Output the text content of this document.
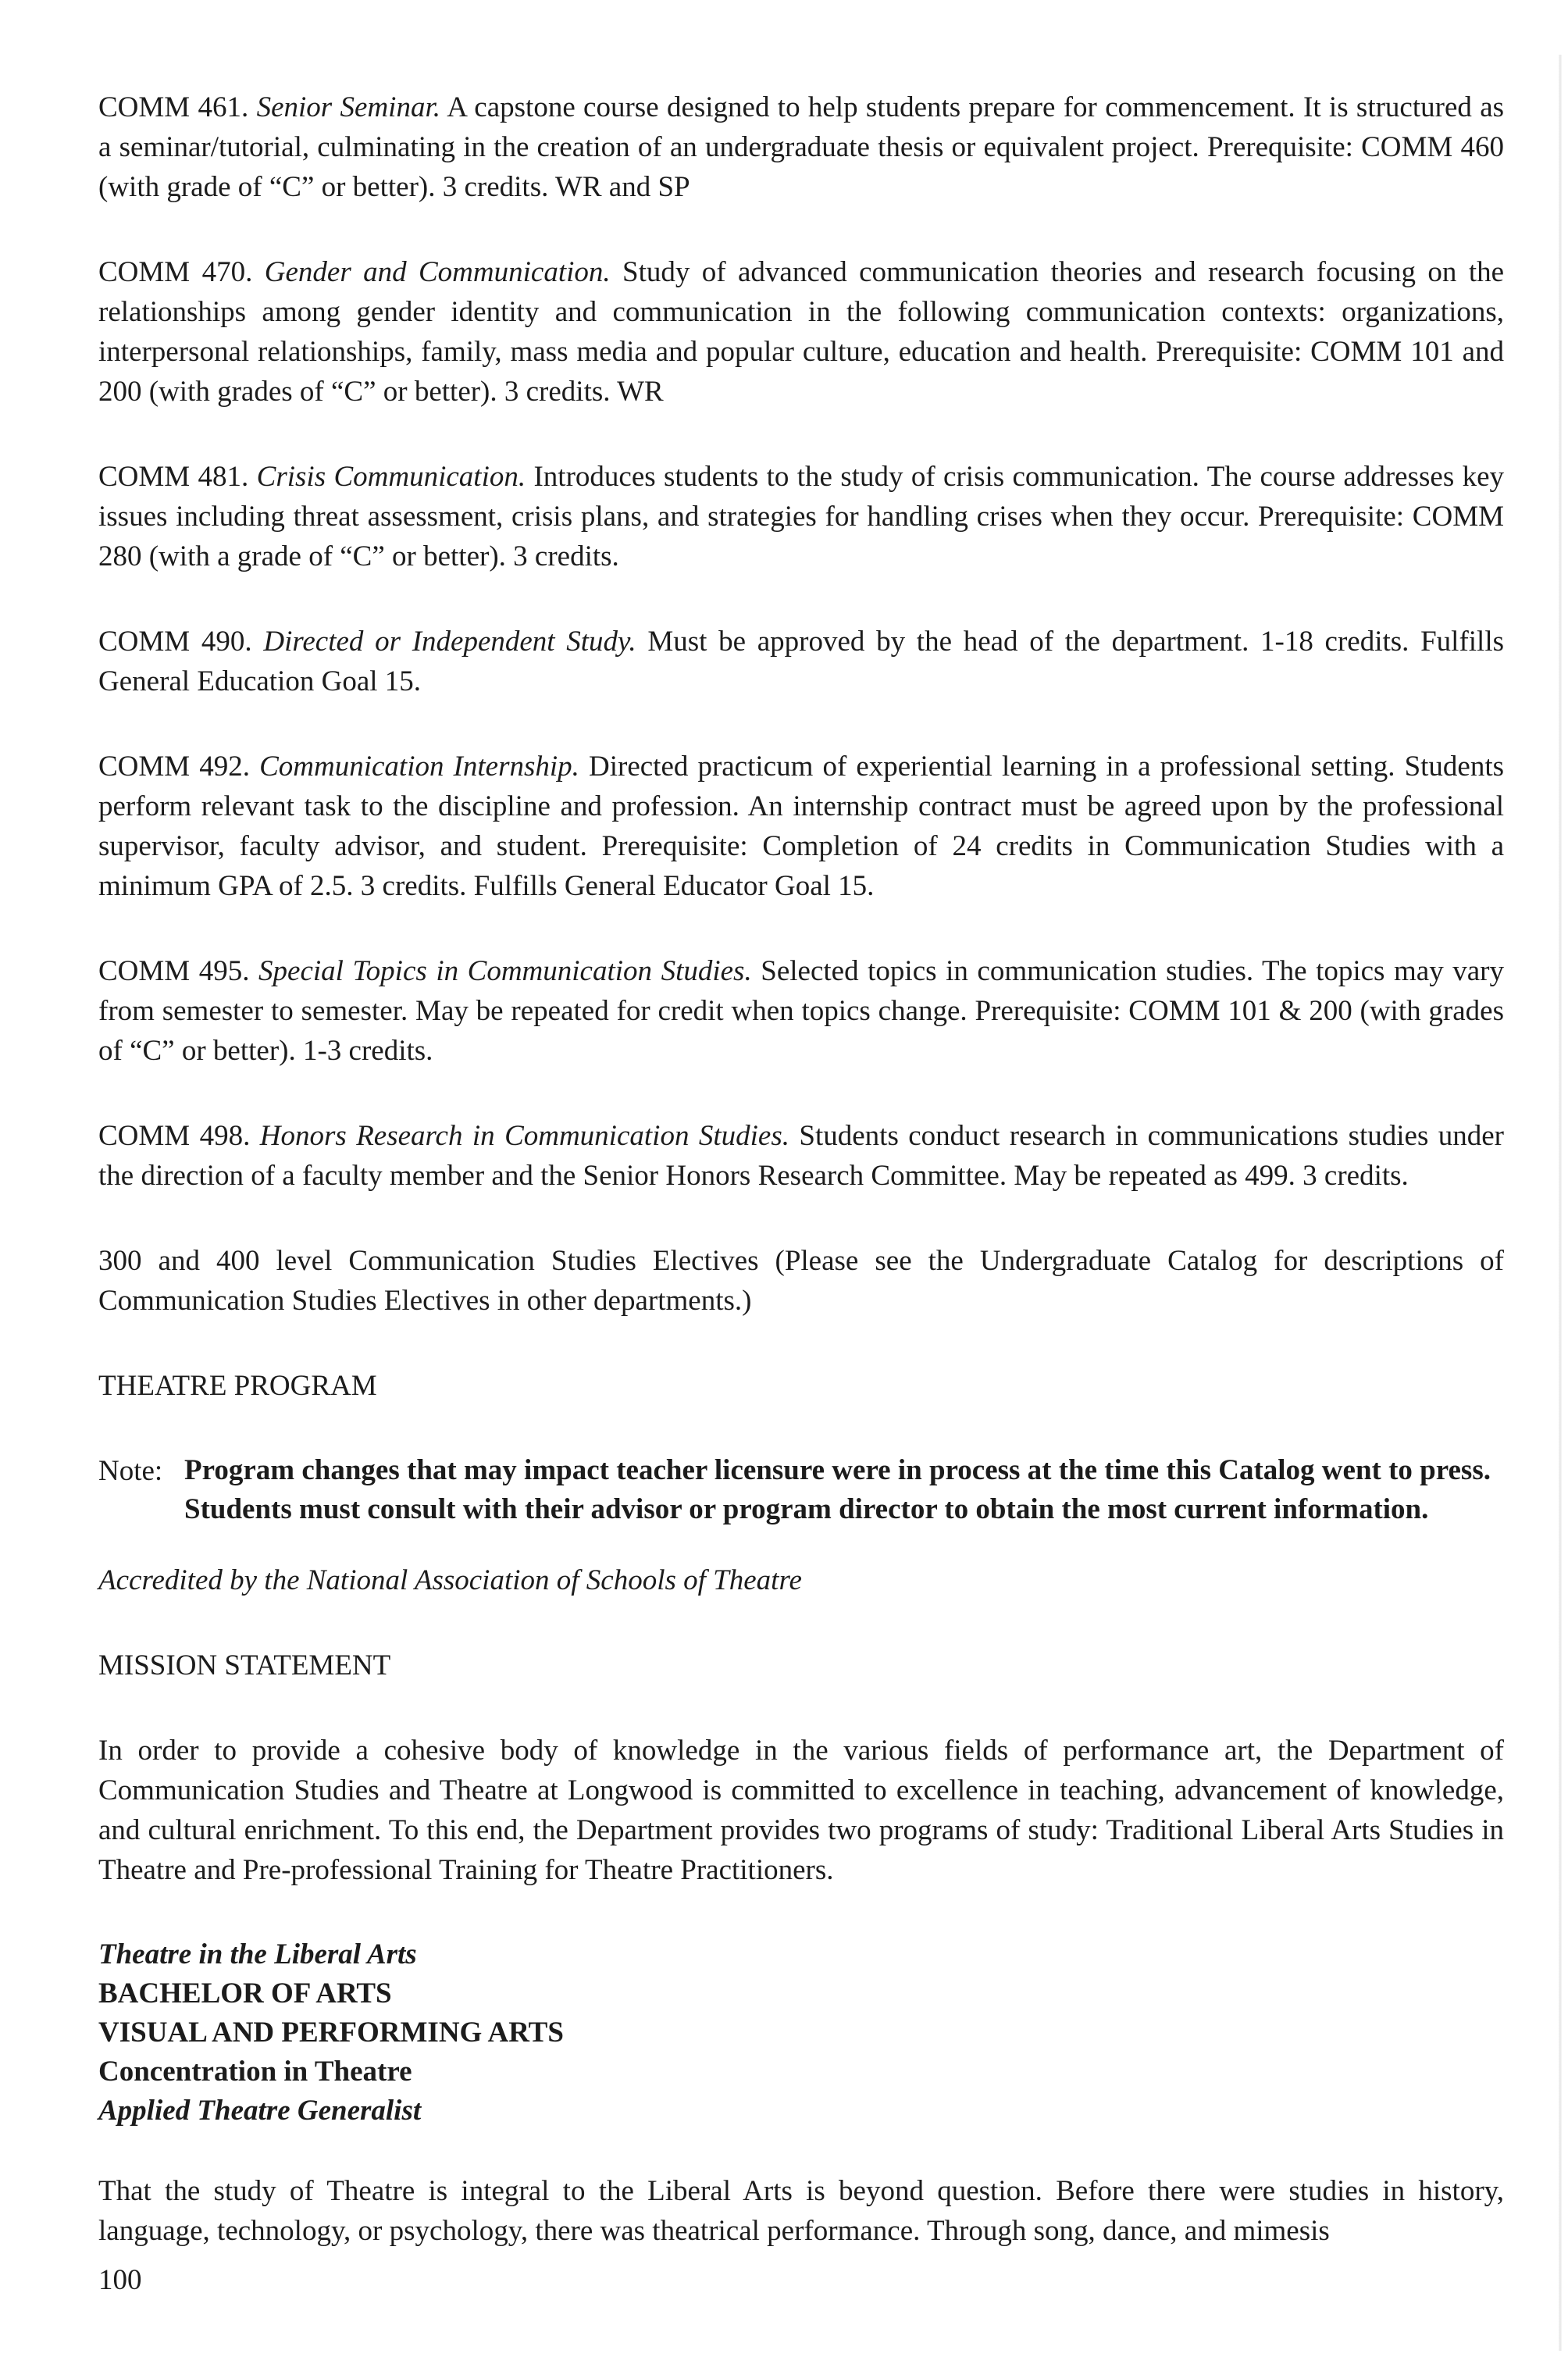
COMM 461. Senior Seminar. A capstone course designed to help students prepare for commencement. It is structured as a seminar/tutorial, culminating in the creation of an undergraduate thesis or equivalent project. Prerequisite: COMM 460 (with grade of “C” or better). 3 credits. WR and SP

COMM 470. Gender and Communication. Study of advanced communication theories and research focusing on the relationships among gender identity and communication in the following communication contexts: organizations, interpersonal relationships, family, mass media and popular culture, education and health. Prerequisite: COMM 101 and 200 (with grades of “C” or better). 3 credits. WR

COMM 481. Crisis Communication. Introduces students to the study of crisis communication. The course addresses key issues including threat assessment, crisis plans, and strategies for handling crises when they occur. Prerequisite: COMM 280 (with a grade of “C” or better). 3 credits.

COMM 490. Directed or Independent Study. Must be approved by the head of the department. 1-18 credits. Fulfills General Education Goal 15.

COMM 492. Communication Internship. Directed practicum of experiential learning in a professional setting. Students perform relevant task to the discipline and profession. An internship contract must be agreed upon by the professional supervisor, faculty advisor, and student. Prerequisite: Completion of 24 credits in Communication Studies with a minimum GPA of 2.5. 3 credits. Fulfills General Educator Goal 15.

COMM 495. Special Topics in Communication Studies. Selected topics in communication studies. The topics may vary from semester to semester. May be repeated for credit when topics change. Prerequisite: COMM 101 & 200 (with grades of “C” or better). 1-3 credits.

COMM 498. Honors Research in Communication Studies. Students conduct research in communications studies under the direction of a faculty member and the Senior Honors Research Committee. May be repeated as 499. 3 credits.

300 and 400 level Communication Studies Electives (Please see the Undergraduate Catalog for descriptions of Communication Studies Electives in other departments.)

THEATRE PROGRAM

Note: Program changes that may impact teacher licensure were in process at the time this Catalog went to press. Students must consult with their advisor or program director to obtain the most current information.

Accredited by the National Association of Schools of Theatre

MISSION STATEMENT

In order to provide a cohesive body of knowledge in the various fields of performance art, the Department of Communication Studies and Theatre at Longwood is committed to excellence in teaching, advancement of knowledge, and cultural enrichment. To this end, the Department provides two programs of study: Traditional Liberal Arts Studies in Theatre and Pre-professional Training for Theatre Practitioners.

Theatre in the Liberal Arts
BACHELOR OF ARTS
VISUAL AND PERFORMING ARTS
Concentration in Theatre
Applied Theatre Generalist

That the study of Theatre is integral to the Liberal Arts is beyond question. Before there were studies in history, language, technology, or psychology, there was theatrical performance. Through song, dance, and mimesis

100
